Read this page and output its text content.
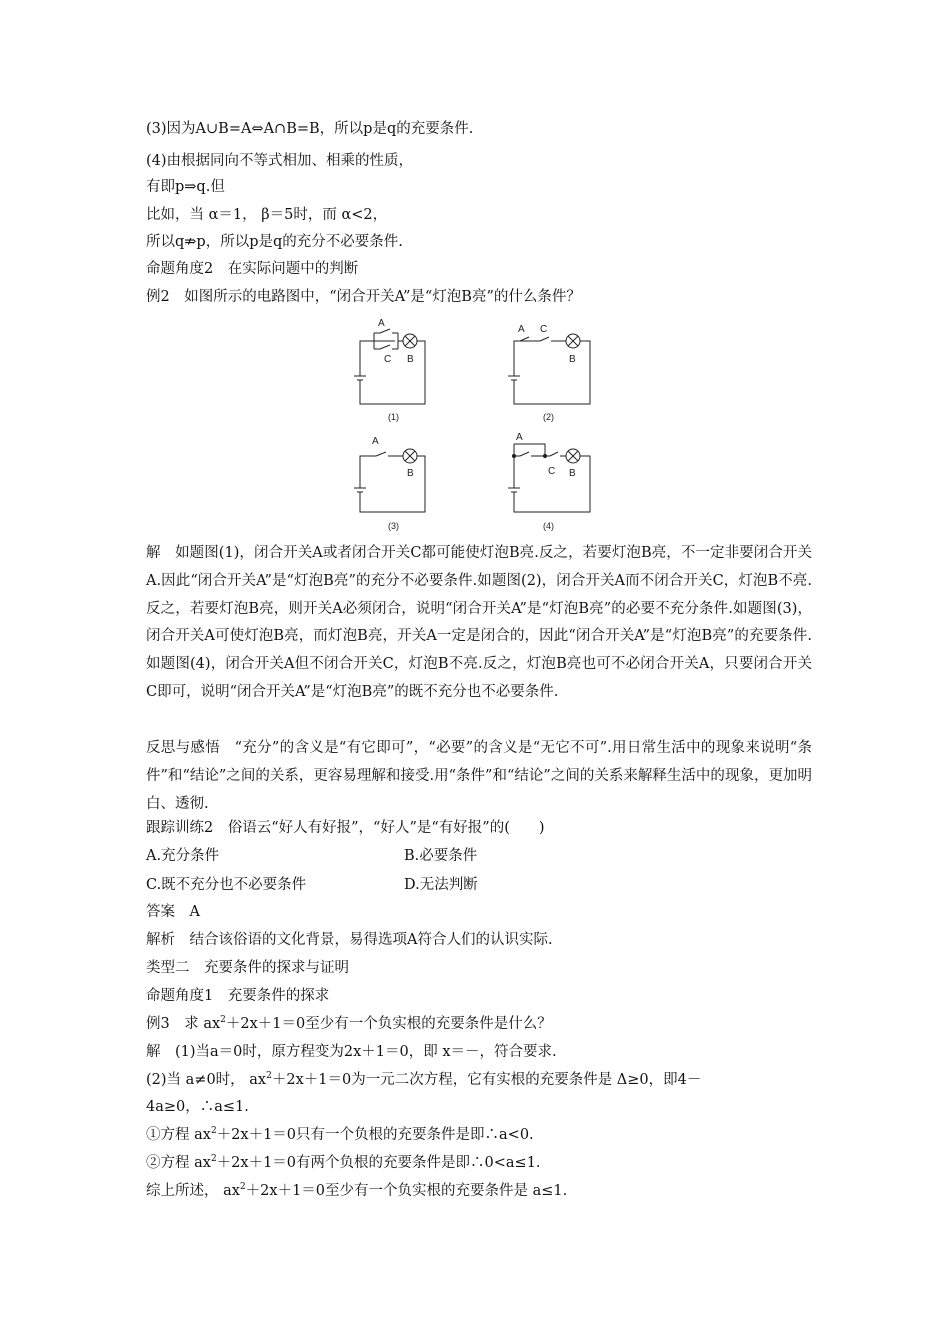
(3)因为A∪B=A⇔A∩B=B，所以p是q的充要条件.
(4)由根据同向不等式相加、相乘的性质，
有即p⇒q.但
比如，当 α＝1， β＝5时，而 α<2，
所以q⇏p，所以p是q的充分不必要条件.
命题角度2　在实际问题中的判断
例2　如图所示的电路图中，“闭合开关A”是“灯泡B亮”的什么条件？
A
C B
(1)
A C
B
(2)
A
B
(3)
A
C B
(4)
解 如题图(1)，闭合开关A或者闭合开关C都可能使灯泡B亮.反之，若要灯泡B亮，不一定非要闭合开关A.因此“闭合开关A”是“灯泡B亮”的充分不必要条件.如题图(2)，闭合开关A而不闭合开关C，灯泡B不亮.反之，若要灯泡B亮，则开关A必须闭合，说明“闭合开关A”是“灯泡B亮”的必要不充分条件.如题图(3)，闭合开关A可使灯泡B亮，而灯泡B亮，开关A一定是闭合的，因此“闭合开关A”是“灯泡B亮”的充要条件.如题图(4)，闭合开关A但不闭合开关C，灯泡B不亮.反之，灯泡B亮也可不必闭合开关A，只要闭合开关C即可，说明“闭合开关A”是“灯泡B亮”的既不充分也不必要条件.
反思与感悟 “充分”的含义是“有它即可”，“必要”的含义是“无它不可”.用日常生活中的现象来说明“条件”和“结论”之间的关系，更容易理解和接受.用“条件”和“结论”之间的关系来解释生活中的现象，更加明白、透彻.
跟踪训练2　俗语云“好人有好报”，“好人”是“有好报”的(　　)
A.充分条件	B.必要条件
C.既不充分也不必要条件	D.无法判断
答案　A
解析　结合该俗语的文化背景，易得选项A符合人们的认识实际.
类型二　充要条件的探求与证明
命题角度1　充要条件的探求
例3　求 $ax^2+2x+1=0$至少有一个负实根的充要条件是什么？
解　(1)当a＝0时，原方程变为2x＋1＝0，即 x＝－，符合要求.
(2)当 a≠0时， $ax^2+2x+1=0$为一元二次方程，它有实根的充要条件是 Δ≥0，即4－
4a≥0，∴a≤1.
①方程 $ax^2+2x+1=0$只有一个负根的充要条件是即∴a<0.
②方程 $ax^2+2x+1=0$有两个负根的充要条件是即∴0<a≤1.
综上所述， $ax^2+2x+1=0$至少有一个负实根的充要条件是 a≤1.
